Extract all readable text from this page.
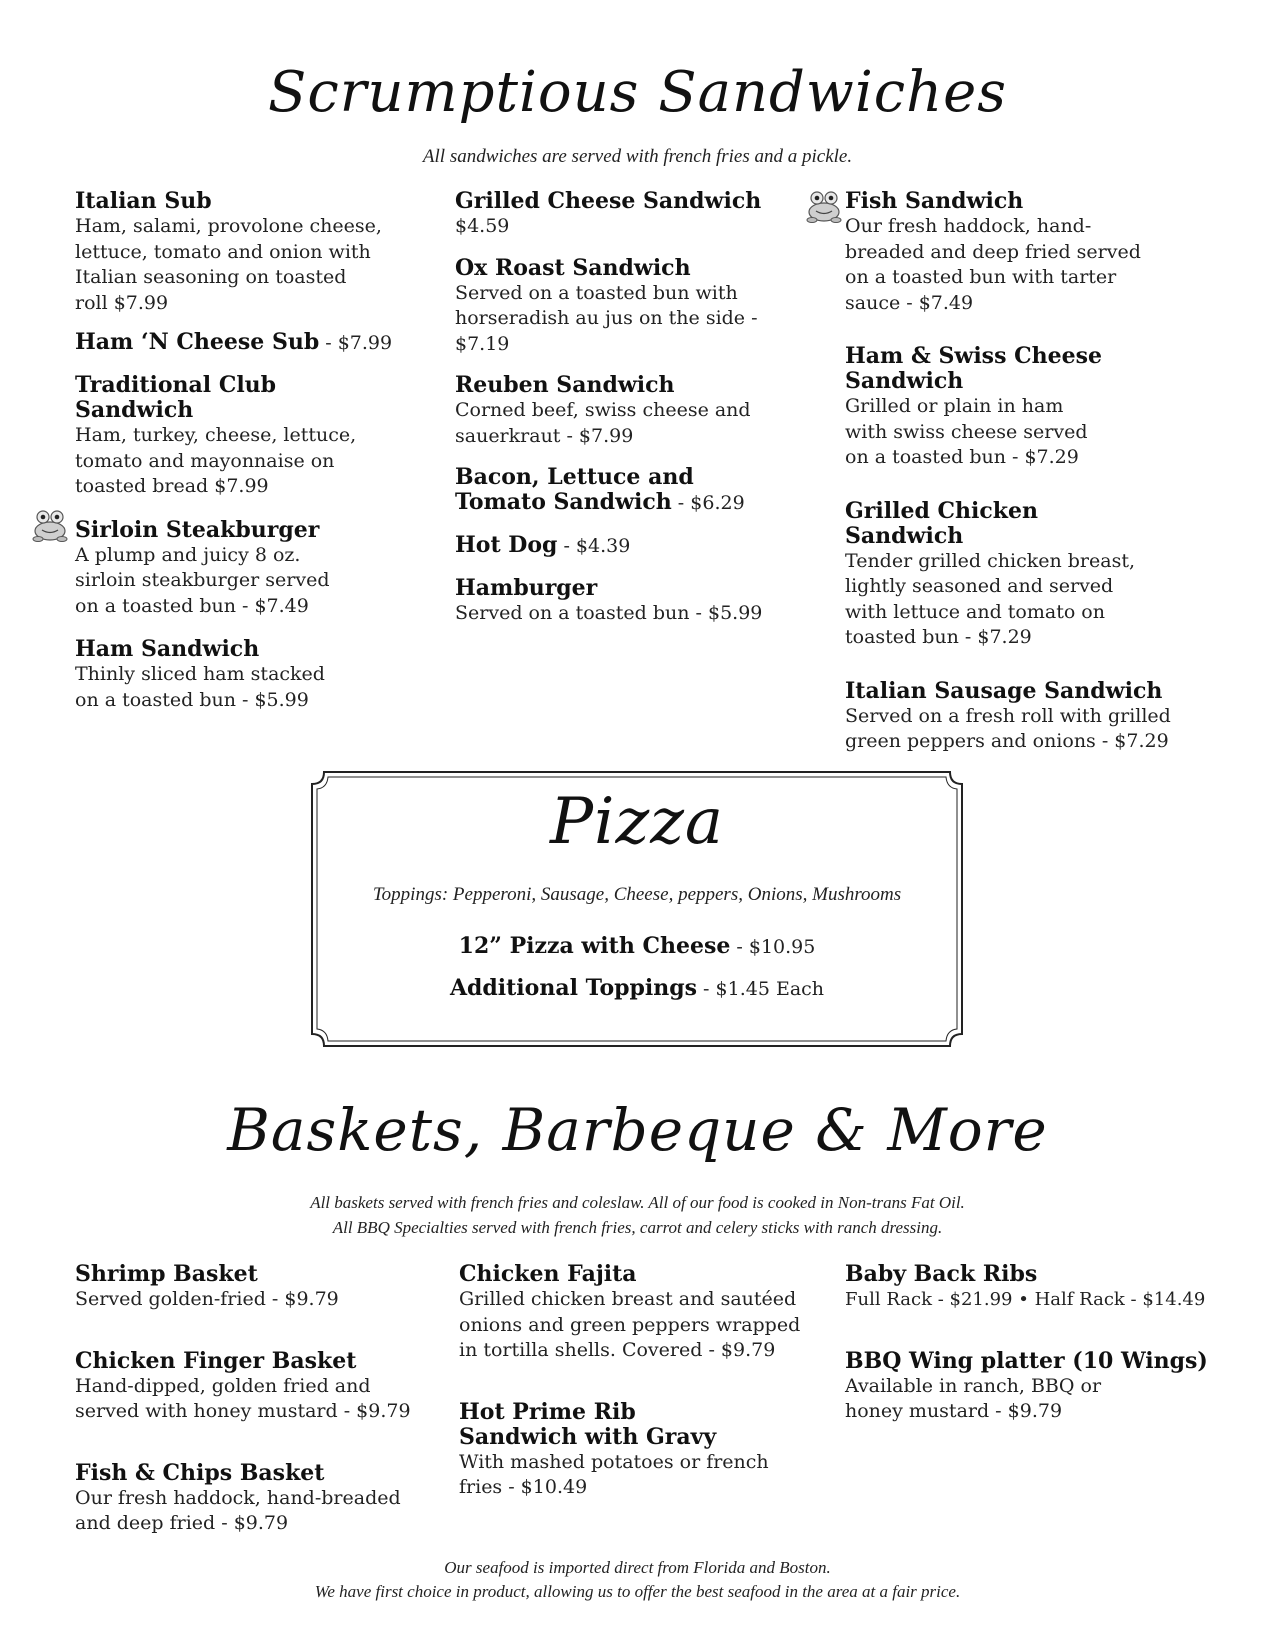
Scrumptious Sandwiches
All sandwiches are served with french fries and a pickle.
Italian Sub
Ham, salami, provolone cheese, lettuce, tomato and onion with Italian seasoning on toasted roll $7.99
Ham ‘N Cheese Sub - $7.99
Traditional Club Sandwich
Ham, turkey, cheese, lettuce, tomato and mayonnaise on toasted bread $7.99
Sirloin Steakburger
A plump and juicy 8 oz. sirloin steakburger served on a toasted bun - $7.49
Ham Sandwich
Thinly sliced ham stacked on a toasted bun - $5.99
Grilled Cheese Sandwich
$4.59
Ox Roast Sandwich
Served on a toasted bun with horseradish au jus on the side - $7.19
Reuben Sandwich
Corned beef, swiss cheese and sauerkraut - $7.99
Bacon, Lettuce and Tomato Sandwich - $6.29
Hot Dog - $4.39
Hamburger
Served on a toasted bun - $5.99
Fish Sandwich
Our fresh haddock, hand-breaded and deep fried served on a toasted bun with tarter sauce - $7.49
Ham & Swiss Cheese Sandwich
Grilled or plain in ham with swiss cheese served on a toasted bun - $7.29
Grilled Chicken Sandwich
Tender grilled chicken breast, lightly seasoned and served with lettuce and tomato on toasted bun - $7.29
Italian Sausage Sandwich
Served on a fresh roll with grilled green peppers and onions - $7.29
Pizza
Toppings: Pepperoni, Sausage, Cheese, peppers, Onions, Mushrooms
12” Pizza with Cheese - $10.95
Additional Toppings - $1.45 Each
Baskets, Barbeque & More
All baskets served with french fries and coleslaw. All of our food is cooked in Non-trans Fat Oil.
All BBQ Specialties served with french fries, carrot and celery sticks with ranch dressing.
Shrimp Basket
Served golden-fried - $9.79
Chicken Finger Basket
Hand-dipped, golden fried and served with honey mustard - $9.79
Fish & Chips Basket
Our fresh haddock, hand-breaded and deep fried - $9.79
Chicken Fajita
Grilled chicken breast and sautéed onions and green peppers wrapped in tortilla shells. Covered - $9.79
Hot Prime Rib Sandwich with Gravy
With mashed potatoes or french fries - $10.49
Baby Back Ribs
Full Rack - $21.99 • Half Rack - $14.49
BBQ Wing platter (10 Wings)
Available in ranch, BBQ or honey mustard - $9.79
Our seafood is imported direct from Florida and Boston.
We have first choice in product, allowing us to offer the best seafood in the area at a fair price.
